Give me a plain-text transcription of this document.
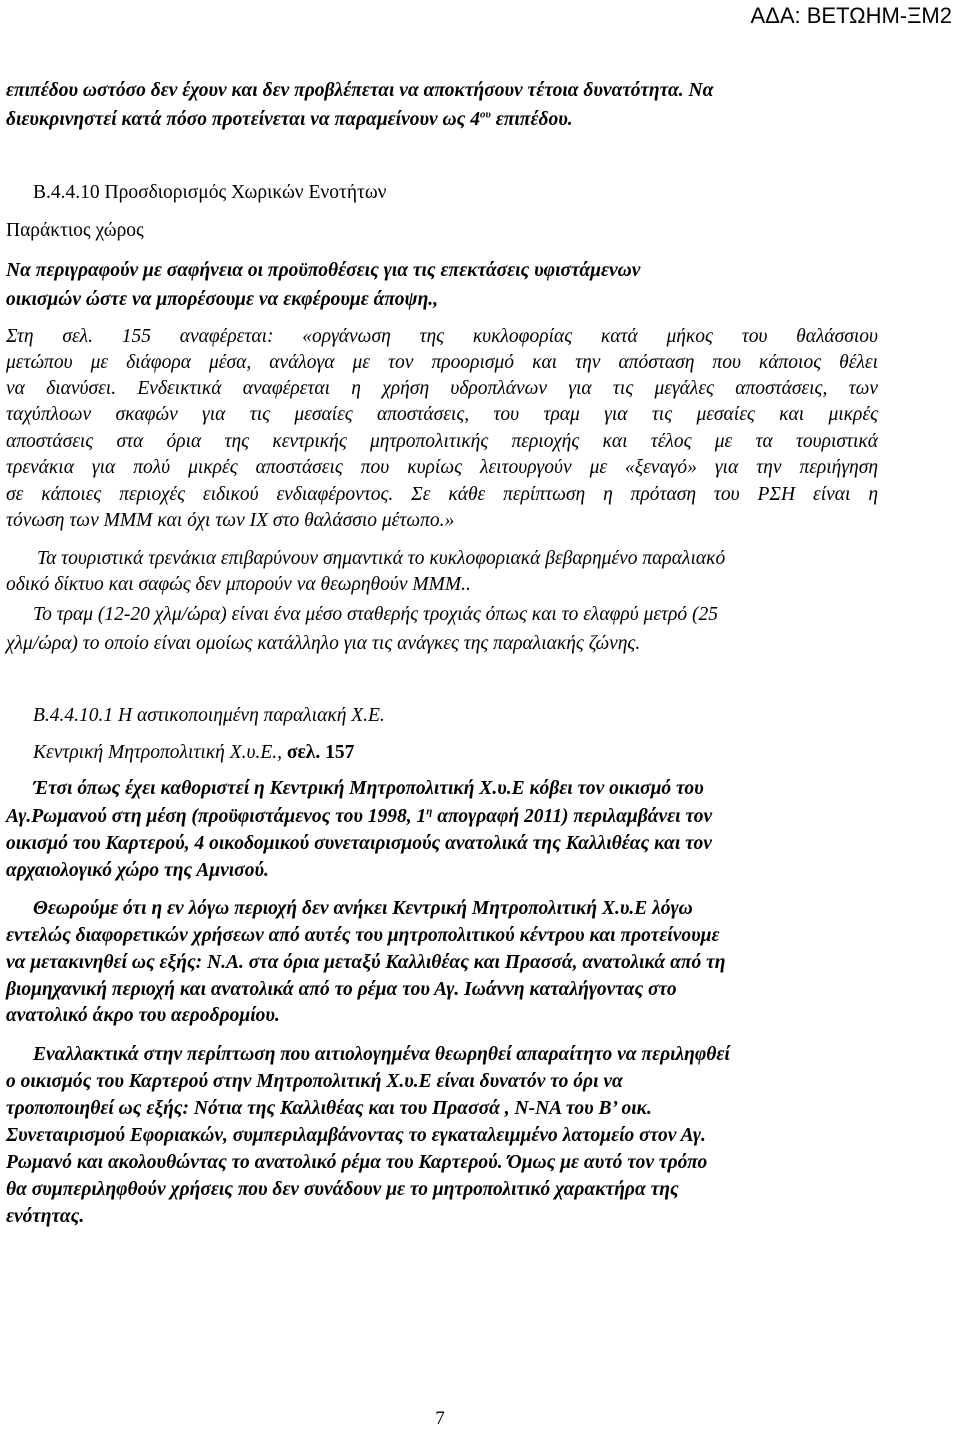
ΑΔΑ: ΒΕΤΩΗΜ-ΞΜ2
επιπέδου ωστόσο δεν έχουν και δεν προβλέπεται να αποκτήσουν τέτοια δυνατότητα. Να
διευκρινηστεί κατά πόσο προτείνεται να παραμείνουν ως $4^{o\upsilon}$ επιπέδου.
Β.4.4.10 Προσδιορισμός Χωρικών Ενοτήτων
Παράκτιος χώρος
Να περιγραφούν με σαφήνεια οι προϋποθέσεις για τις επεκτάσεις υφιστάμενων
οικισμών ώστε να μπορέσουμε να εκφέρουμε άποψη.,
Στη σελ. 155 αναφέρεται: «οργάνωση της κυκλοφορίας κατά μήκος του θαλάσσιου
μετώπου με διάφορα μέσα, ανάλογα με τον προορισμό και την απόσταση που κάποιος θέλει
να διανύσει. Ενδεικτικά αναφέρεται η χρήση υδροπλάνων για τις μεγάλες αποστάσεις, των
ταχύπλοων σκαφών για τις μεσαίες αποστάσεις, του τραμ για τις μεσαίες και μικρές
αποστάσεις στα όρια της κεντρικής μητροπολιτικής περιοχής και τέλος με τα τουριστικά
τρενάκια για πολύ μικρές αποστάσεις που κυρίως λειτουργούν με «ξεναγό» για την περιήγηση
σε κάποιες περιοχές ειδικού ενδιαφέροντος. Σε κάθε περίπτωση η πρόταση του ΡΣΗ είναι η
τόνωση των ΜΜΜ και όχι των ΙΧ στο θαλάσσιο μέτωπο.»
Τα τουριστικά τρενάκια επιβαρύνουν σημαντικά το κυκλοφοριακά βεβαρημένο παραλιακό
οδικό δίκτυο και σαφώς δεν μπορούν να θεωρηθούν ΜΜΜ..
Το τραμ (12-20 χλμ/ώρα) είναι ένα μέσο σταθερής τροχιάς όπως και το ελαφρύ μετρό (25
χλμ/ώρα) το οποίο είναι ομοίως κατάλληλο για τις ανάγκες της παραλιακής ζώνης.
Β.4.4.10.1 Η αστικοποιημένη παραλιακή Χ.Ε.
Κεντρική Μητροπολιτική Χ.υ.Ε., σελ. 157
Έτσι όπως έχει καθοριστεί η Κεντρική Μητροπολιτική Χ.υ.Ε κόβει τον οικισμό του
Αγ.Ρωμανού στη μέση (προϋφιστάμενος του 1998, $1^\eta$ απογραφή 2011) περιλαμβάνει τον
οικισμό του Καρτερού, 4 οικοδομικού συνεταιρισμούς ανατολικά της Καλλιθέας και τον
αρχαιολογικό χώρο της Αμνισού.
Θεωρούμε ότι η εν λόγω περιοχή δεν ανήκει Κεντρική Μητροπολιτική Χ.υ.Ε λόγω
εντελώς διαφορετικών χρήσεων από αυτές του μητροπολιτικού κέντρου και προτείνουμε
να μετακινηθεί ως εξής: Ν.Α. στα όρια μεταξύ Καλλιθέας και Πρασσά, ανατολικά από τη
βιομηχανική περιοχή και ανατολικά από το ρέμα του Αγ. Ιωάννη καταλήγοντας στο
ανατολικό άκρο του αεροδρομίου.
Εναλλακτικά στην περίπτωση που αιτιολογημένα θεωρηθεί απαραίτητο να περιληφθεί
ο οικισμός του Καρτερού στην Μητροπολιτική Χ.υ.Ε είναι δυνατόν το όρι να
τροποποιηθεί ως εξής: Νότια της Καλλιθέας και του Πρασσά , Ν-ΝΑ του Β’ οικ.
Συνεταιρισμού Εφοριακών, συμπεριλαμβάνοντας το εγκαταλειμμένο λατομείο στον Αγ.
Ρωμανό και ακολουθώντας το ανατολικό ρέμα του Καρτερού. Όμως με αυτό τον τρόπο
θα συμπεριληφθούν χρήσεις που δεν συνάδουν με το μητροπολιτικό χαρακτήρα της
ενότητας.
7
